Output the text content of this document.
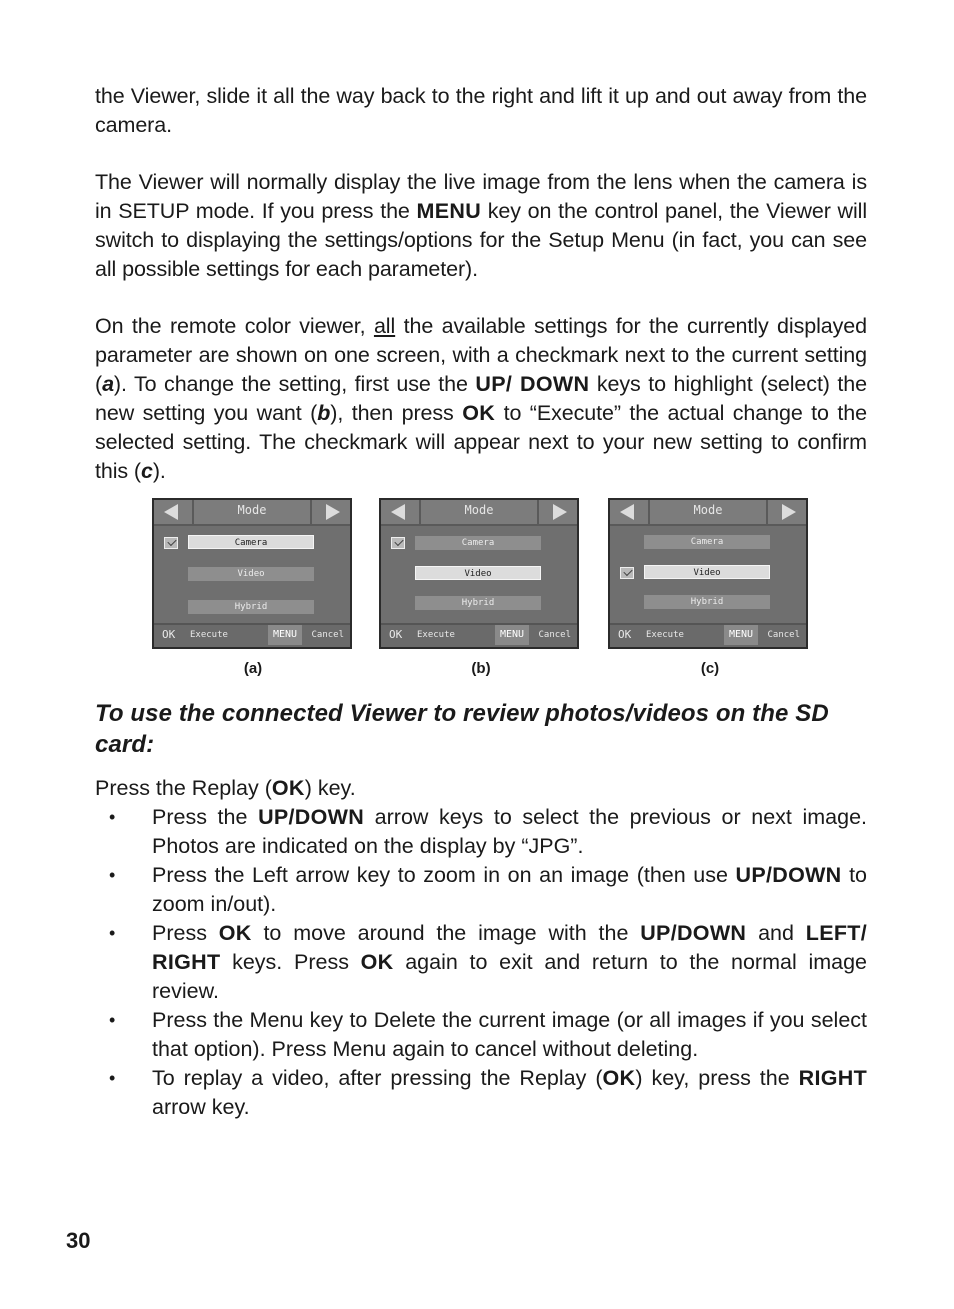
the Viewer, slide it all the way back to the right and lift it up and out away from the camera.

The Viewer will normally display the live image from the lens when the camera is in SETUP mode. If you press the MENU key on the control panel, the Viewer will switch to displaying the settings/options for the Setup Menu (in fact, you can see all possible settings for each parameter).

On the remote color viewer, all the available settings for the currently displayed parameter are shown on one screen, with a checkmark next to the current setting (a). To change the setting, first use the UP/ DOWN keys to highlight (select) the new setting you want (b), then press OK to “Execute” the actual change to the selected setting. The checkmark will appear next to your new setting to confirm this (c).

Mode
Camera
Video
Hybrid
OK Execute	MENU	Cancel
Mode
Camera
Video
Hybrid
OK Execute	MENU	Cancel
Mode
Camera
Video
Hybrid
OK Execute	MENU	Cancel
(a)	(b)	(c)
To use the connected Viewer to review photos/videos on the SD card:

Press the Replay (OK) key.

• Press the UP/DOWN arrow keys to select the previous or next image. Photos are indicated on the display by “JPG”.
• Press the Left arrow key to zoom in on an image (then use UP/DOWN to zoom in/out).
• Press OK to move around the image with the UP/DOWN and LEFT/ RIGHT keys. Press OK again to exit and return to the normal image review.
• Press the Menu key to Delete the current image (or all images if you select that option). Press Menu again to cancel without deleting.
• To replay a video, after pressing the Replay (OK) key, press the RIGHT arrow key.
30
